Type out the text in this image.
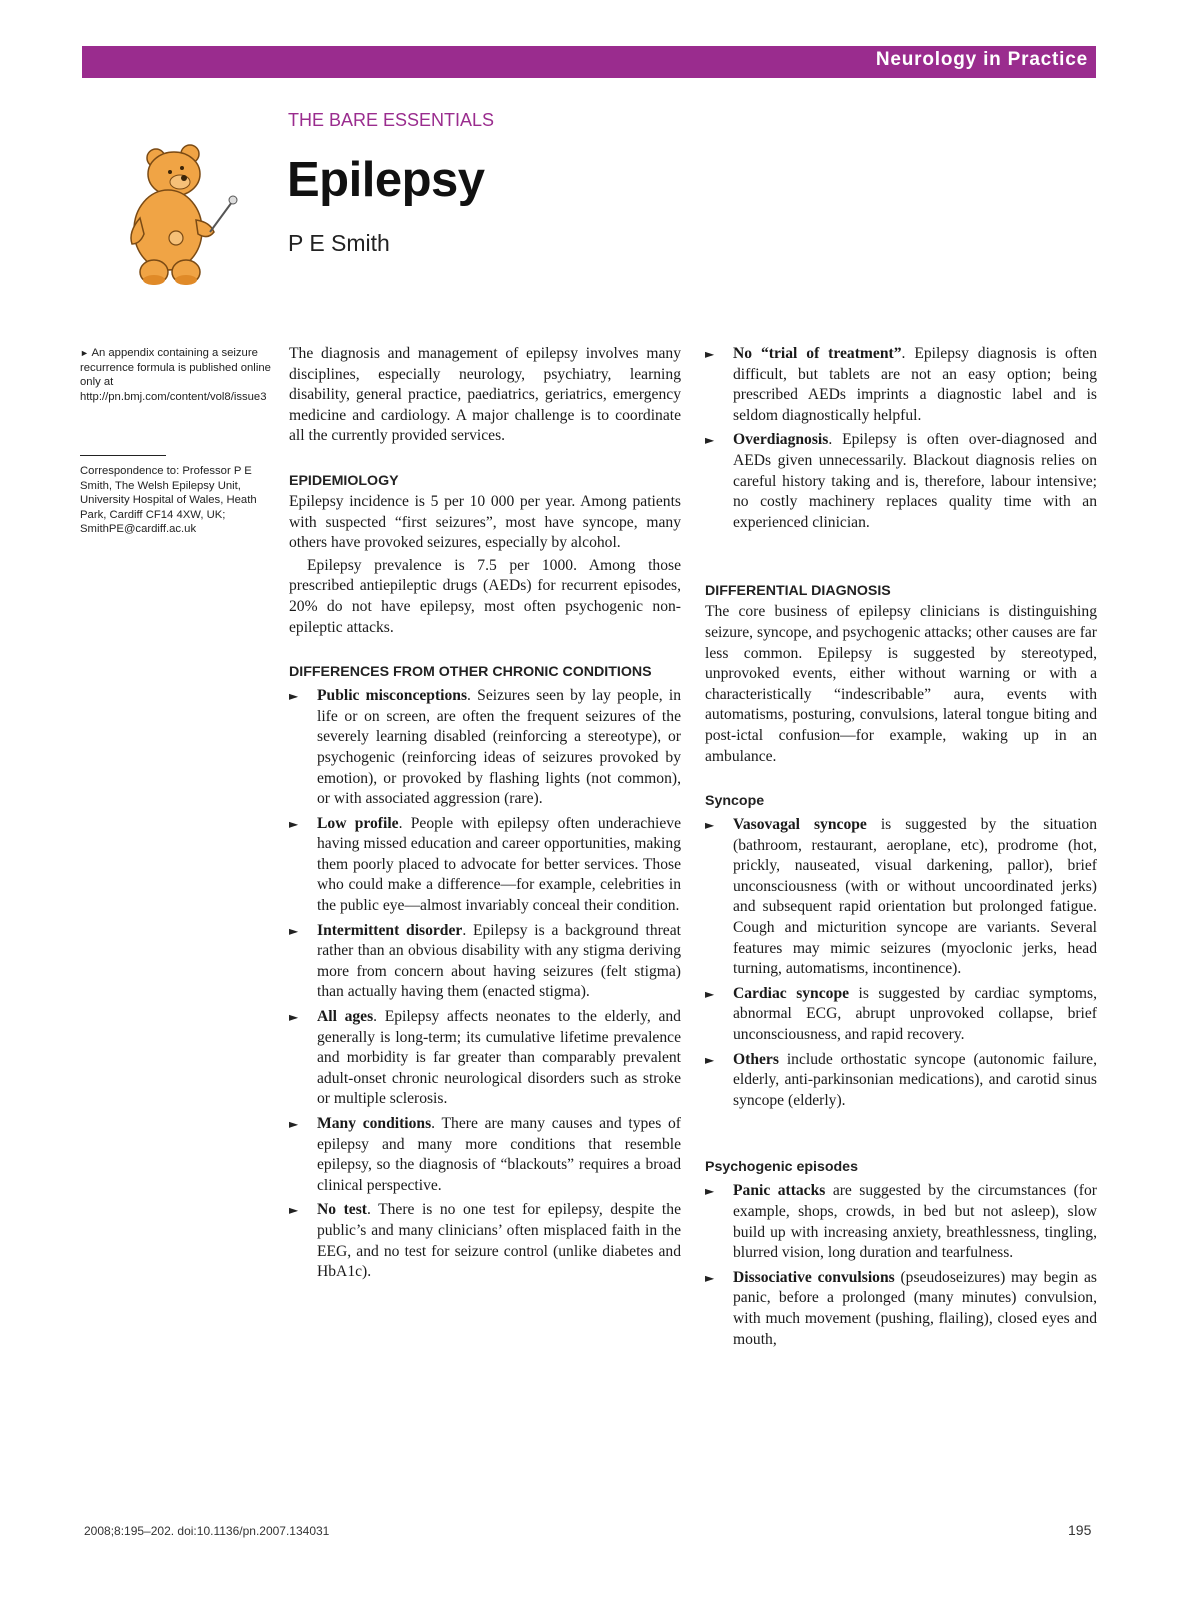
Neurology in Practice
THE BARE ESSENTIALS
Epilepsy
P E Smith
► An appendix containing a seizure recurrence formula is published online only at http://pn.bmj.com/content/vol8/issue3
Correspondence to: Professor P E Smith, The Welsh Epilepsy Unit, University Hospital of Wales, Heath Park, Cardiff CF14 4XW, UK; SmithPE@cardiff.ac.uk

The diagnosis and management of epilepsy involves many disciplines, especially neurology, psychiatry, learning disability, general practice, paediatrics, geriatrics, emergency medicine and cardiology. A major challenge is to coordinate all the currently provided services.

EPIDEMIOLOGY

Epilepsy incidence is 5 per 10 000 per year. Among patients with suspected “first seizures”, most have syncope, many others have provoked seizures, especially by alcohol.

Epilepsy prevalence is 7.5 per 1000. Among those prescribed antiepileptic drugs (AEDs) for recurrent episodes, 20% do not have epilepsy, most often psychogenic non-epileptic attacks.

DIFFERENCES FROM OTHER CHRONIC CONDITIONS
► Public misconceptions. Seizures seen by lay people, in life or on screen, are often the frequent seizures of the severely learning disabled (reinforcing a stereotype), or psychogenic (reinforcing ideas of seizures provoked by emotion), or provoked by flashing lights (not common), or with associated aggression (rare).
► Low profile. People with epilepsy often underachieve having missed education and career opportunities, making them poorly placed to advocate for better services. Those who could make a difference—for example, celebrities in the public eye—almost invariably conceal their condition.
► Intermittent disorder. Epilepsy is a background threat rather than an obvious disability with any stigma deriving more from concern about having seizures (felt stigma) than actually having them (enacted stigma).
► All ages. Epilepsy affects neonates to the elderly, and generally is long-term; its cumulative lifetime prevalence and morbidity is far greater than comparably prevalent adult-onset chronic neurological disorders such as stroke or multiple sclerosis.
► Many conditions. There are many causes and types of epilepsy and many more conditions that resemble epilepsy, so the diagnosis of “blackouts” requires a broad clinical perspective.
► No test. There is no one test for epilepsy, despite the public’s and many clinicians’ often misplaced faith in the EEG, and no test for seizure control (unlike diabetes and HbA1c).
► No “trial of treatment”. Epilepsy diagnosis is often difficult, but tablets are not an easy option; being prescribed AEDs imprints a diagnostic label and is seldom diagnostically helpful.
► Overdiagnosis. Epilepsy is often over-diagnosed and AEDs given unnecessarily. Blackout diagnosis relies on careful history taking and is, therefore, labour intensive; no costly machinery replaces quality time with an experienced clinician.
DIFFERENTIAL DIAGNOSIS

The core business of epilepsy clinicians is distinguishing seizure, syncope, and psychogenic attacks; other causes are far less common. Epilepsy is suggested by stereotyped, unprovoked events, either without warning or with a characteristically “indescribable” aura, events with automatisms, posturing, convulsions, lateral tongue biting and post-ictal confusion—for example, waking up in an ambulance.

Syncope
► Vasovagal syncope is suggested by the situation (bathroom, restaurant, aeroplane, etc), prodrome (hot, prickly, nauseated, visual darkening, pallor), brief unconsciousness (with or without uncoordinated jerks) and subsequent rapid orientation but prolonged fatigue. Cough and micturition syncope are variants. Several features may mimic seizures (myoclonic jerks, head turning, automatisms, incontinence).
► Cardiac syncope is suggested by cardiac symptoms, abnormal ECG, abrupt unprovoked collapse, brief unconsciousness, and rapid recovery.
► Others include orthostatic syncope (autonomic failure, elderly, anti-parkinsonian medications), and carotid sinus syncope (elderly).
Psychogenic episodes
► Panic attacks are suggested by the circumstances (for example, shops, crowds, in bed but not asleep), slow build up with increasing anxiety, breathlessness, tingling, blurred vision, long duration and tearfulness.
► Dissociative convulsions (pseudoseizures) may begin as panic, before a prolonged (many minutes) convulsion, with much movement (pushing, flailing), closed eyes and mouth,
2008;8:195–202. doi:10.1136/pn.2007.134031	195
